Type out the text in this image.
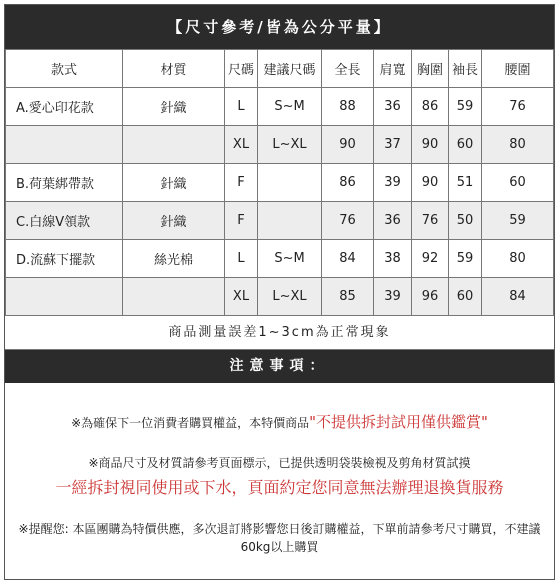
【尺寸參考/皆為公分平量】
款式	材質	尺碼	建議尺碼	全長	肩寬	胸圍	袖長	腰圍
A.愛心印花款	針織	L	S~M	88	36	86	59	76
		XL	L~XL	90	37	90	60	80
B.荷葉綁帶款	針織	F		86	39	90	51	60
C.白線V領款	針織	F		76	36	76	50	59
D.流蘇下擺款	絲光棉	L	S~M	84	38	92	59	80
		XL	L~XL	85	39	96	60	84
商品測量誤差1~3cm為正常現象
注意事項：
※為確保下一位消費者購買權益，本特價商品"不提供拆封試用僅供鑑賞"
※商品尺寸及材質請參考頁面標示，已提供透明袋裝檢視及剪角材質試摸
一經拆封視同使用或下水，頁面約定您同意無法辦理退換貨服務
※提醒您: 本區團購為特價供應，多次退訂將影響您日後訂購權益，下單前請參考尺寸購買，不建議60kg以上購買
